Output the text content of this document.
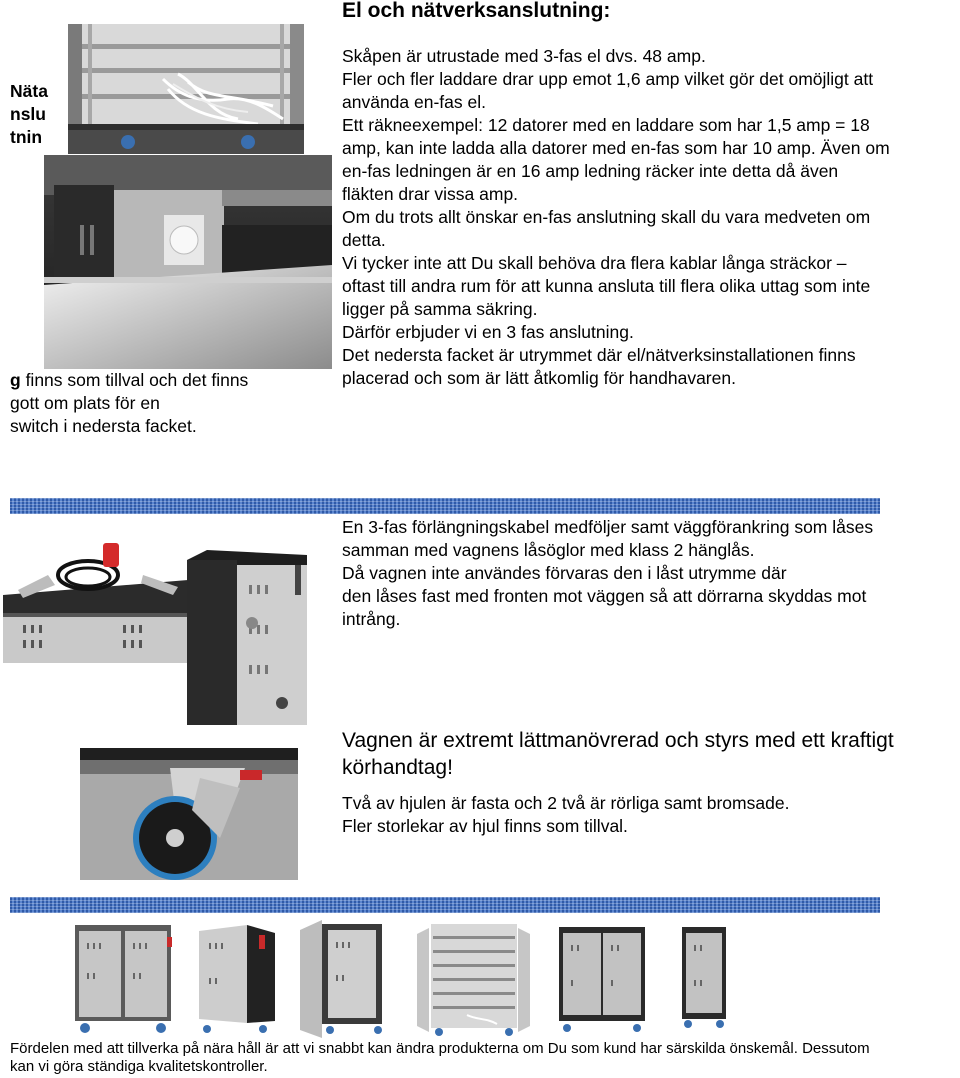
El och nätverksanslutning:
Näta
nslu
tnin
g finns som tillval och det finns
gott om plats för en
switch i nedersta facket.
Skåpen är utrustade med 3-fas el dvs. 48 amp.
Fler och fler laddare drar upp emot 1,6 amp vilket gör det omöjligt att
använda en-fas el.
Ett räkneexempel: 12 datorer med en laddare som har 1,5 amp = 18
amp, kan inte ladda alla datorer med en-fas som har 10 amp. Även om
en-fas ledningen är en 16 amp ledning räcker inte detta då även
fläkten drar vissa amp.
Om du trots allt önskar en-fas anslutning skall du vara medveten om
detta.
Vi tycker inte att Du skall behöva dra flera kablar långa sträckor –
oftast till andra rum för att kunna ansluta till flera olika uttag som inte
ligger på samma säkring.
Därför erbjuder vi en 3 fas anslutning.
Det nedersta facket är utrymmet där el/nätverksinstallationen finns
placerad och som är lätt åtkomlig för handhavaren.
En 3-fas förlängningskabel medföljer samt väggförankring som låses
samman med vagnens låsöglor med klass 2 hänglås.
Då vagnen inte användes förvaras den i låst utrymme där
den låses fast med fronten mot väggen så att dörrarna skyddas mot
intrång.
Vagnen är extremt lättmanövrerad och styrs med ett kraftigt
körhandtag!
Två av hjulen är fasta och 2 två är rörliga samt bromsade.
Fler storlekar av hjul finns som tillval.
Fördelen med att tillverka på nära håll är att vi snabbt kan ändra produkterna om Du som kund har särskilda önskemål. Dessutom
kan vi göra ständiga kvalitetskontroller.
